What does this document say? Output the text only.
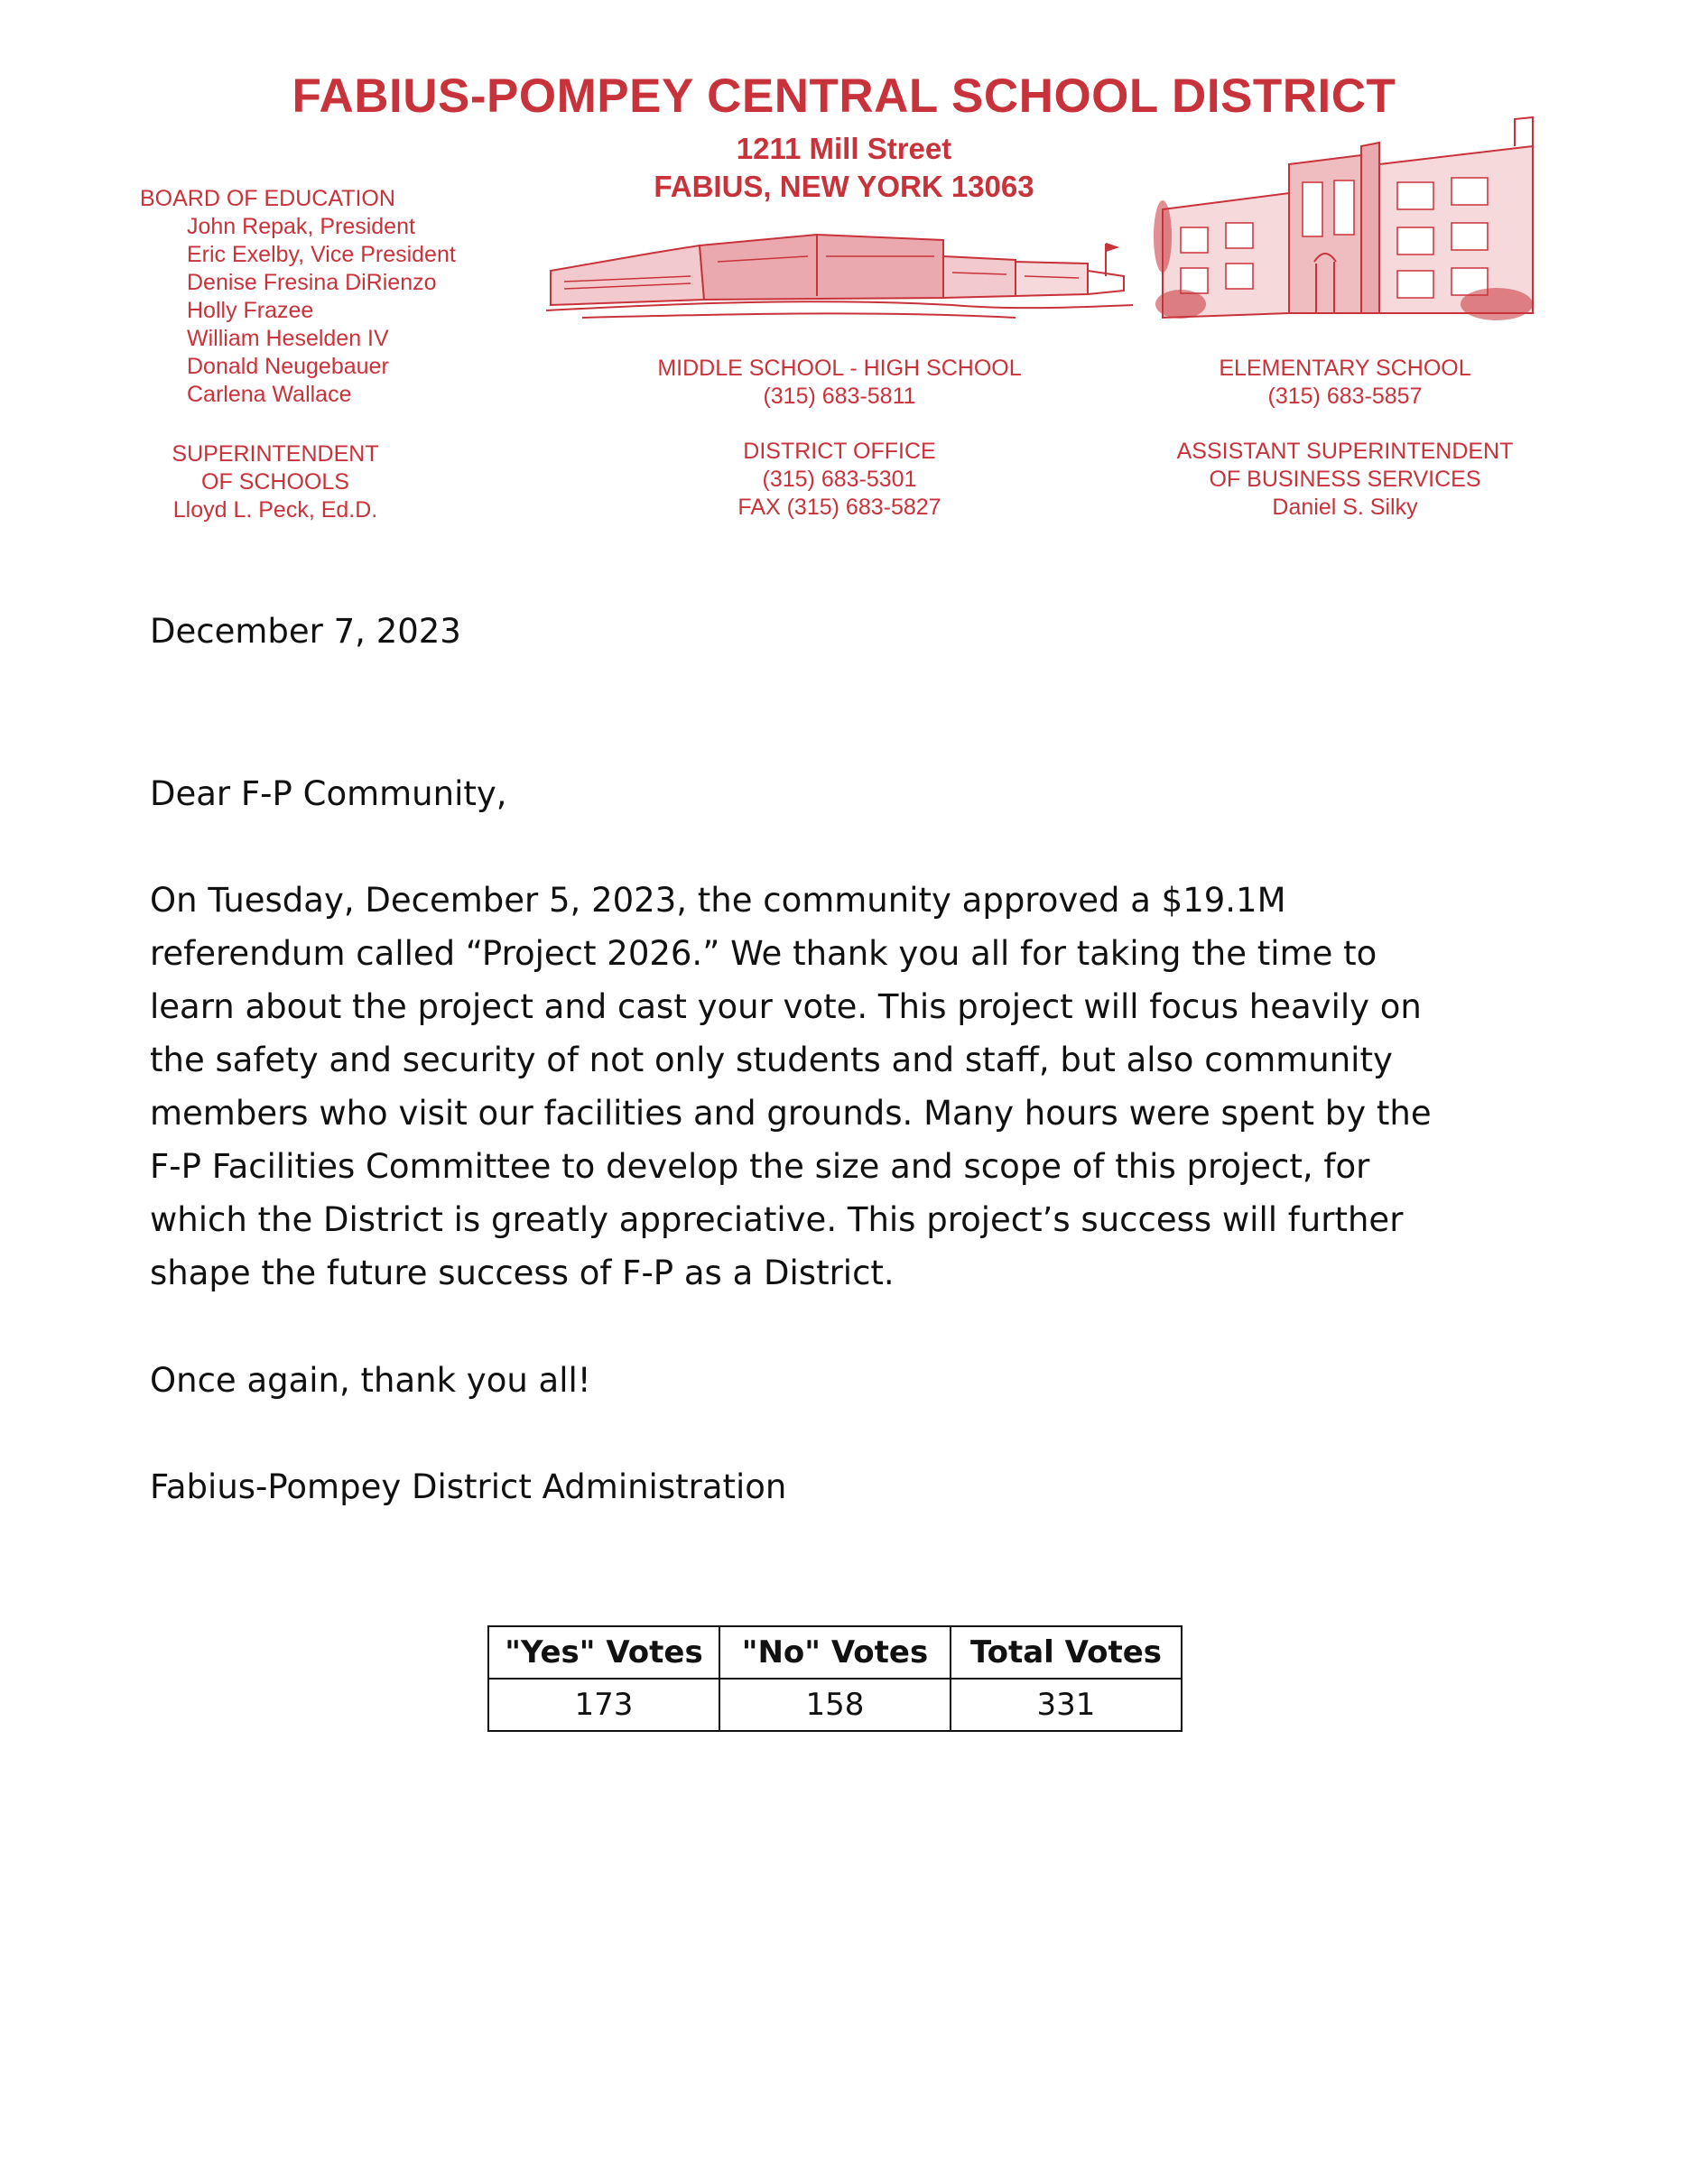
FABIUS-POMPEY CENTRAL SCHOOL DISTRICT
1211 Mill Street
FABIUS, NEW YORK 13063
BOARD OF EDUCATION
John Repak, President
Eric Exelby, Vice President
Denise Fresina DiRienzo
Holly Frazee
William Heselden IV
Donald Neugebauer
Carlena Wallace
SUPERINTENDENT
OF SCHOOLS
Lloyd L. Peck, Ed.D.
MIDDLE SCHOOL - HIGH SCHOOL
(315) 683-5811
DISTRICT OFFICE
(315) 683-5301
FAX (315) 683-5827
ELEMENTARY SCHOOL
(315) 683-5857
ASSISTANT SUPERINTENDENT
OF BUSINESS SERVICES
Daniel S. Silky
December 7, 2023
Dear F-P Community,
On Tuesday, December 5, 2023, the community approved a $19.1M
referendum called “Project 2026.” We thank you all for taking the time to
learn about the project and cast your vote. This project will focus heavily on
the safety and security of not only students and staff, but also community
members who visit our facilities and grounds. Many hours were spent by the
F-P Facilities Committee to develop the size and scope of this project, for
which the District is greatly appreciative. This project’s success will further
shape the future success of F-P as a District.
Once again, thank you all!
Fabius-Pompey District Administration
"Yes" Votes	"No" Votes	Total Votes
173	158	331
